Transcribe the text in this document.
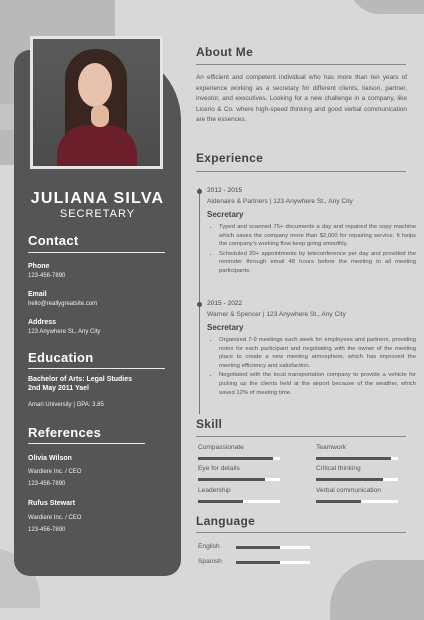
JULIANA SILVA
SECRETARY
Contact
Phone
123-456-7890
Email
hello@reallygreatsite.com
Address
123 Anywhere St., Any City
Education
Bachelor of Arts: Legal Studies
2nd May 2011 Yael
Amari University | GPA: 3.85
References
Olivia Wilson
Wardiere Inc. / CEO
123-456-7890
Rufus Stewart
Wardiere Inc. / CEO
123-456-7890
About Me
An efficient and competent individual who has more than ten years of experience working as a secretary for different clients, liaison, partner, investor, and executives. Looking for a new challenge in a company, like Licerio & Co. where high-speed thinking and good verbal communication are the essences.
Experience
2012 - 2015
Aldenaire & Partners | 123 Anywhere St., Any City
Secretary
• Typed and scanned 75+ documents a day and repaired the copy machine which saves the company more than $2,000 for repairing service. It helps the company's working flow keep going smoothly.
• Scheduled 20+ appointments by teleconference per day and provided the reminder through email 48 hours before the meeting to all meeting participants.
2015 - 2022
Warner & Spencer | 123 Anywhere St., Any City
Secretary
• Organized 7-9 meetings each week for employees and partners, providing notes for each participant and negotiating with the owner of the meeting place to create a new meeting atmosphere, which has improved the meeting efficiency and satisfaction.
• Negotiated with the local transportation company to provide a vehicle for picking up the clients held at the airport because of the weather, which saved 12% of meeting time.
Skill
Compassionate	Teamwork
Eye for details	Critical thinking
Leadership	Verbal communication
Language
English
Spanish
